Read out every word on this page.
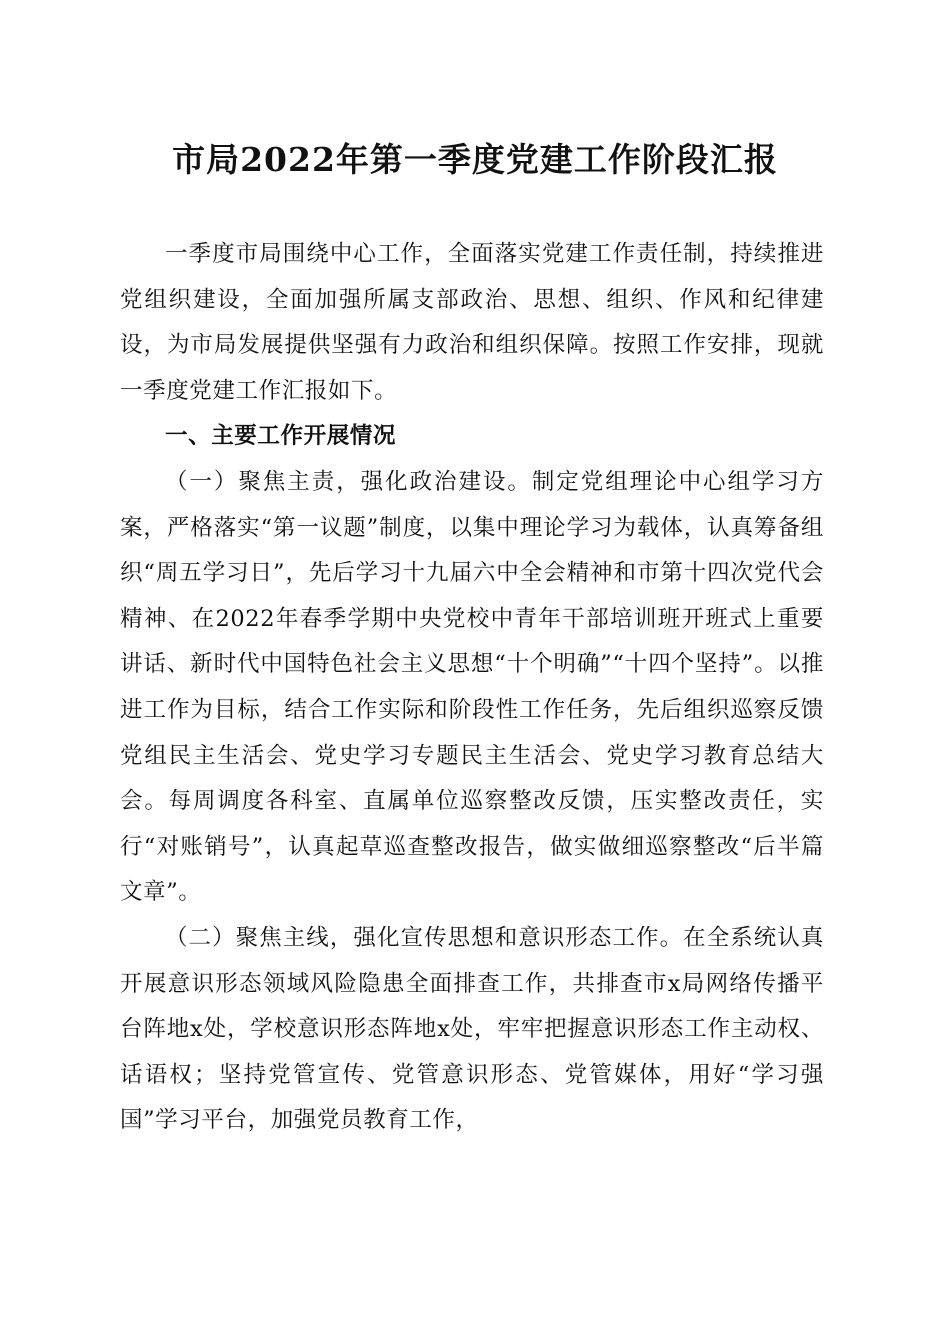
市局2022年第一季度党建工作阶段汇报

一季度市局围绕中心工作，全面落实党建工作责任制，持续推进党组织建设，全面加强所属支部政治、思想、组织、作风和纪律建设，为市局发展提供坚强有力政治和组织保障。按照工作安排，现就一季度党建工作汇报如下。

一、主要工作开展情况

（一）聚焦主责，强化政治建设。制定党组理论中心组学习方案，严格落实“第一议题”制度，以集中理论学习为载体，认真筹备组织“周五学习日”，先后学习十九届六中全会精神和市第十四次党代会精神、在2022年春季学期中央党校中青年干部培训班开班式上重要讲话、新时代中国特色社会主义思想“十个明确”“十四个坚持”。以推进工作为目标，结合工作实际和阶段性工作任务，先后组织巡察反馈党组民主生活会、党史学习专题民主生活会、党史学习教育总结大会。每周调度各科室、直属单位巡察整改反馈，压实整改责任，实行“对账销号”，认真起草巡查整改报告，做实做细巡察整改“后半篇文章”。

（二）聚焦主线，强化宣传思想和意识形态工作。在全系统认真开展意识形态领域风险隐患全面排查工作，共排查市x局网络传播平台阵地x处，学校意识形态阵地x处，牢牢把握意识形态工作主动权、话语权；坚持党管宣传、党管意识形态、党管媒体，用好“学习强国”学习平台，加强党员教育工作，
